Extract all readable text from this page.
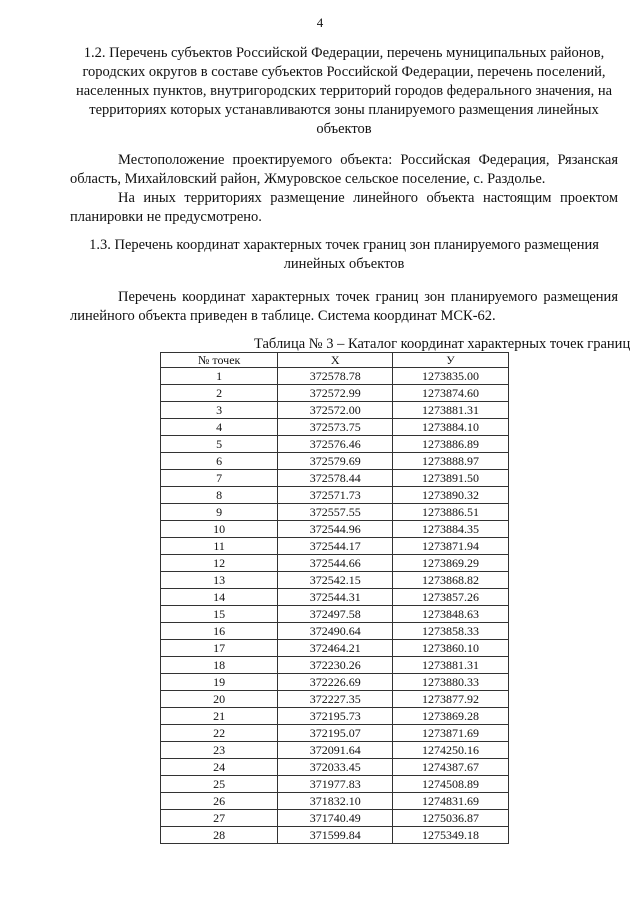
4
1.2. Перечень субъектов Российской Федерации, перечень муниципальных районов, городских округов в составе субъектов Российской Федерации, перечень поселений, населенных пунктов, внутригородских территорий городов федерального значения, на территориях которых устанавливаются зоны планируемого размещения линейных объектов
Местоположение проектируемого объекта: Российская Федерация, Рязанская область, Михайловский район, Жмуровское сельское поселение, с. Раздолье.
На иных территориях размещение линейного объекта настоящим проектом планировки не предусмотрено.
1.3. Перечень координат характерных точек границ зон планируемого размещения линейных объектов
Перечень координат характерных точек границ зон планируемого размещения линейного объекта приведен в таблице. Система координат МСК-62.
Таблица № 3 – Каталог координат характерных точек границ
№ точек	X	У
1	372578.78	1273835.00
2	372572.99	1273874.60
3	372572.00	1273881.31
4	372573.75	1273884.10
5	372576.46	1273886.89
6	372579.69	1273888.97
7	372578.44	1273891.50
8	372571.73	1273890.32
9	372557.55	1273886.51
10	372544.96	1273884.35
11	372544.17	1273871.94
12	372544.66	1273869.29
13	372542.15	1273868.82
14	372544.31	1273857.26
15	372497.58	1273848.63
16	372490.64	1273858.33
17	372464.21	1273860.10
18	372230.26	1273881.31
19	372226.69	1273880.33
20	372227.35	1273877.92
21	372195.73	1273869.28
22	372195.07	1273871.69
23	372091.64	1274250.16
24	372033.45	1274387.67
25	371977.83	1274508.89
26	371832.10	1274831.69
27	371740.49	1275036.87
28	371599.84	1275349.18
